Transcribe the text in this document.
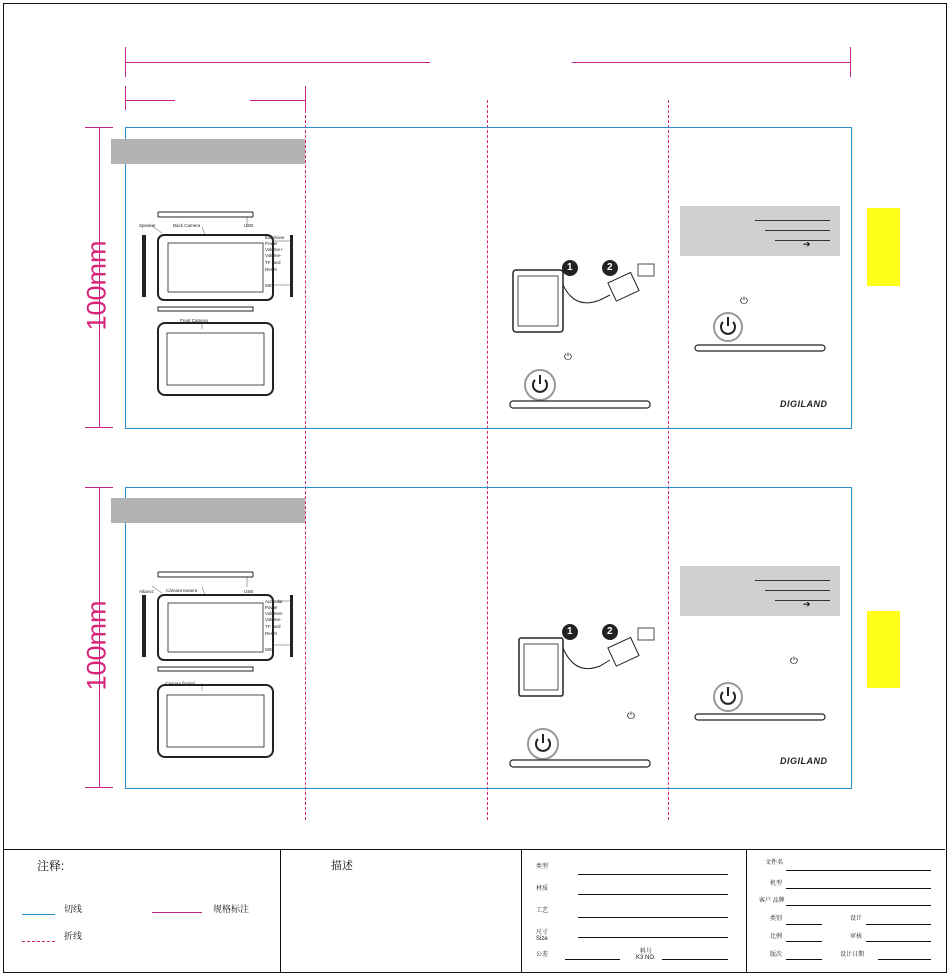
100mm
Speaker	Back Camera	USB
Earphone
Power
Volume+
Volume-
TF card
Reset
MIC
Front Camera
1	2
⏻
➔
⏻
DIGILAND
100mm
Altavoz	Cámara trasera	USB
Auricular
Power
Volumen
Volume-
TF card
Reset
MIC
Cámara frontal
1	2
⏻
➔
⏻
DIGILAND
注释:
切线	规格标注
折线
描述	类型
材质
工艺
尺寸
Size
公差	料号
K3 NO.
文件名
机型
客户 品牌
类别	设计
比例	审核
版次	设计日期
